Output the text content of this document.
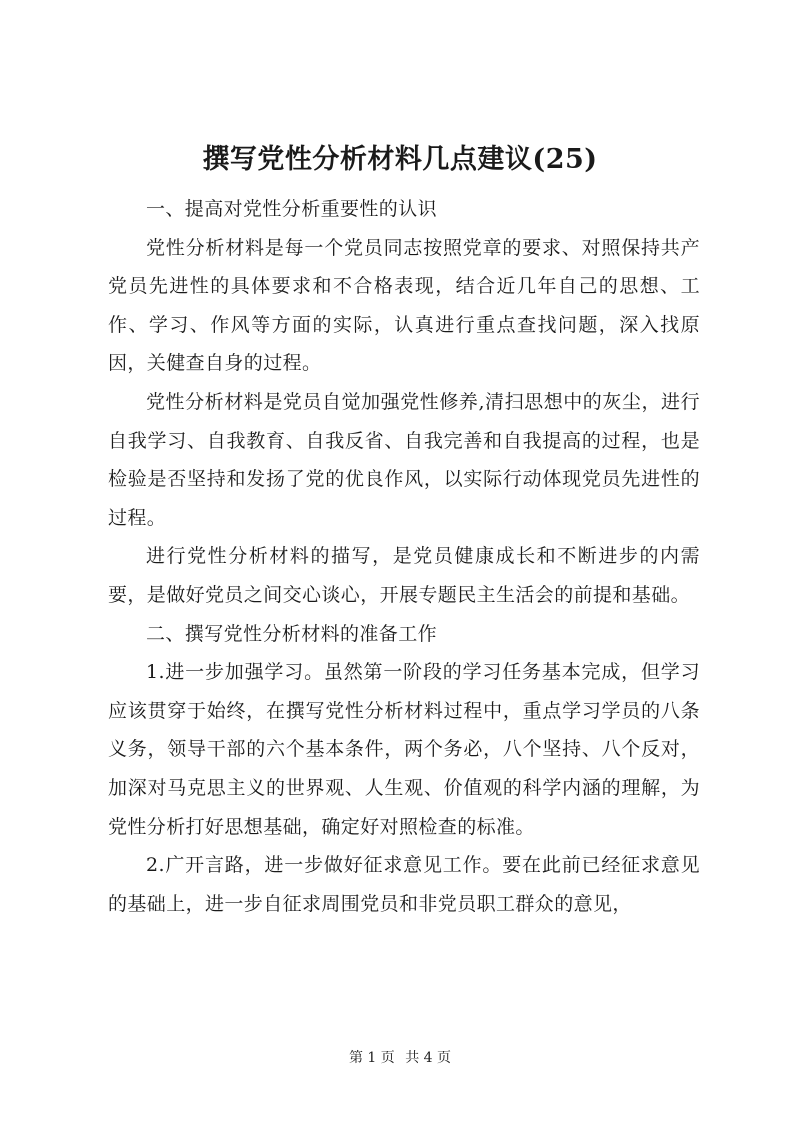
撰写党性分析材料几点建议(25)

一、提高对党性分析重要性的认识

党性分析材料是每一个党员同志按照党章的要求、对照保持共产党员先进性的具体要求和不合格表现，结合近几年自己的思想、工作、学习、作风等方面的实际，认真进行重点查找问题，深入找原因，关健查自身的过程。

党性分析材料是党员自觉加强党性修养,清扫思想中的灰尘，进行自我学习、自我教育、自我反省、自我完善和自我提高的过程，也是检验是否坚持和发扬了党的优良作风，以实际行动体现党员先进性的过程。

进行党性分析材料的描写，是党员健康成长和不断进步的内需要，是做好党员之间交心谈心，开展专题民主生活会的前提和基础。

二、撰写党性分析材料的准备工作

1.进一步加强学习。虽然第一阶段的学习任务基本完成，但学习应该贯穿于始终，在撰写党性分析材料过程中，重点学习学员的八条义务，领导干部的六个基本条件，两个务必，八个坚持、八个反对，加深对马克思主义的世界观、人生观、价值观的科学内涵的理解，为党性分析打好思想基础，确定好对照检查的标准。

2.广开言路，进一步做好征求意见工作。要在此前已经征求意见的基础上，进一步自征求周围党员和非党员职工群众的意见，

第 1 页 共 4 页
